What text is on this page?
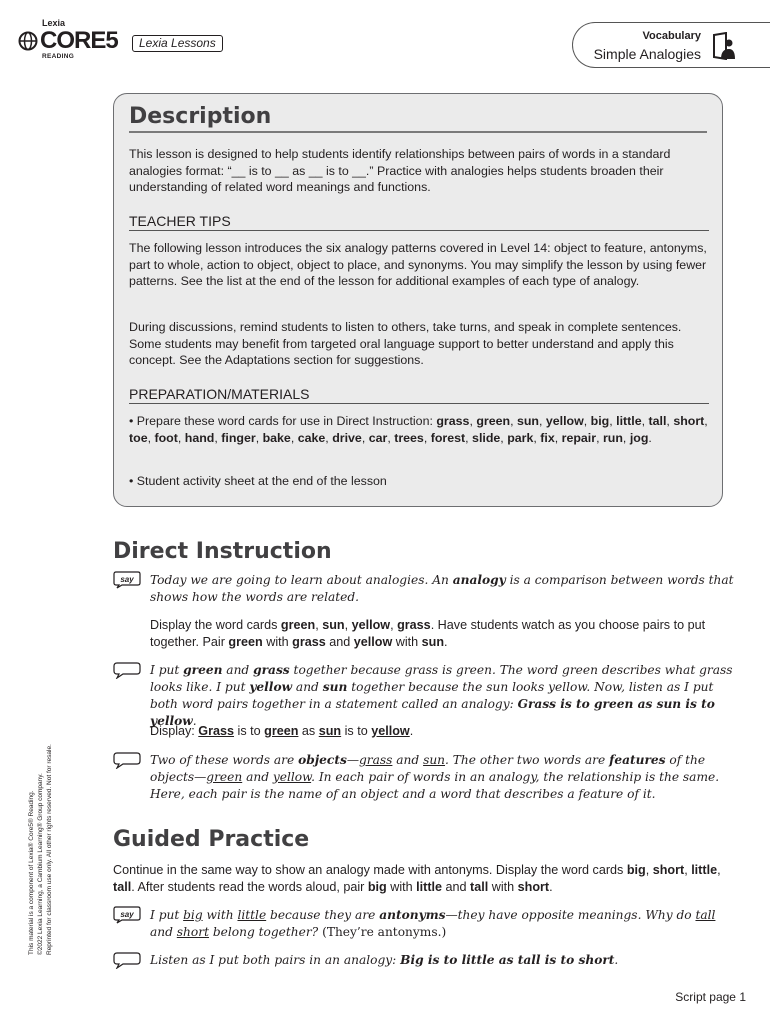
Lexia
CORE5
READING
Lexia Lessons	Vocabulary
Simple Analogies
Description
This lesson is designed to help students identify relationships between pairs of words in a standard analogies format: “__ is to __ as __ is to __.” Practice with analogies helps students broaden their understanding of related word meanings and functions.
TEACHER TIPS
The following lesson introduces the six analogy patterns covered in Level 14: object to feature, antonyms, part to whole, action to object, object to place, and synonyms. You may simplify the lesson by using fewer patterns. See the list at the end of the lesson for additional examples of each type of analogy.
During discussions, remind students to listen to others, take turns, and speak in complete sentences. Some students may benefit from targeted oral language support to better understand and apply this concept. See the Adaptations section for suggestions.
PREPARATION/MATERIALS
• Prepare these word cards for use in Direct Instruction: grass, green, sun, yellow, big, little, tall, short, toe, foot, hand, finger, bake, cake, drive, car, trees, forest, slide, park, fix, repair, run, jog.
• Student activity sheet at the end of the lesson
Direct Instruction
say Today we are going to learn about analogies. An analogy is a comparison between words that shows how the words are related.
Display the word cards green, sun, yellow, grass. Have students watch as you choose pairs to put together. Pair green with grass and yellow with sun.
I put green and grass together because grass is green. The word green describes what grass looks like. I put yellow and sun together because the sun looks yellow. Now, listen as I put both word pairs together in a statement called an analogy: Grass is to green as sun is to yellow.
Display: Grass is to green as sun is to yellow.
Two of these words are objects—grass and sun. The other two words are features of the objects—green and yellow. In each pair of words in an analogy, the relationship is the same. Here, each pair is the name of an object and a word that describes a feature of it.
Guided Practice
Continue in the same way to show an analogy made with antonyms. Display the word cards big, short, little, tall. After students read the words aloud, pair big with little and tall with short.
say I put big with little because they are antonyms—they have opposite meanings. Why do tall and short belong together? (They’re antonyms.)
Listen as I put both pairs in an analogy: Big is to little as tall is to short.
This material is a component of Lexia® Core5® Reading. ©2022 Lexia Learning, a Cambium Learning® Group company. Reprinted for classroom use only. All other rights reserved. Not for resale.
Script page 1
